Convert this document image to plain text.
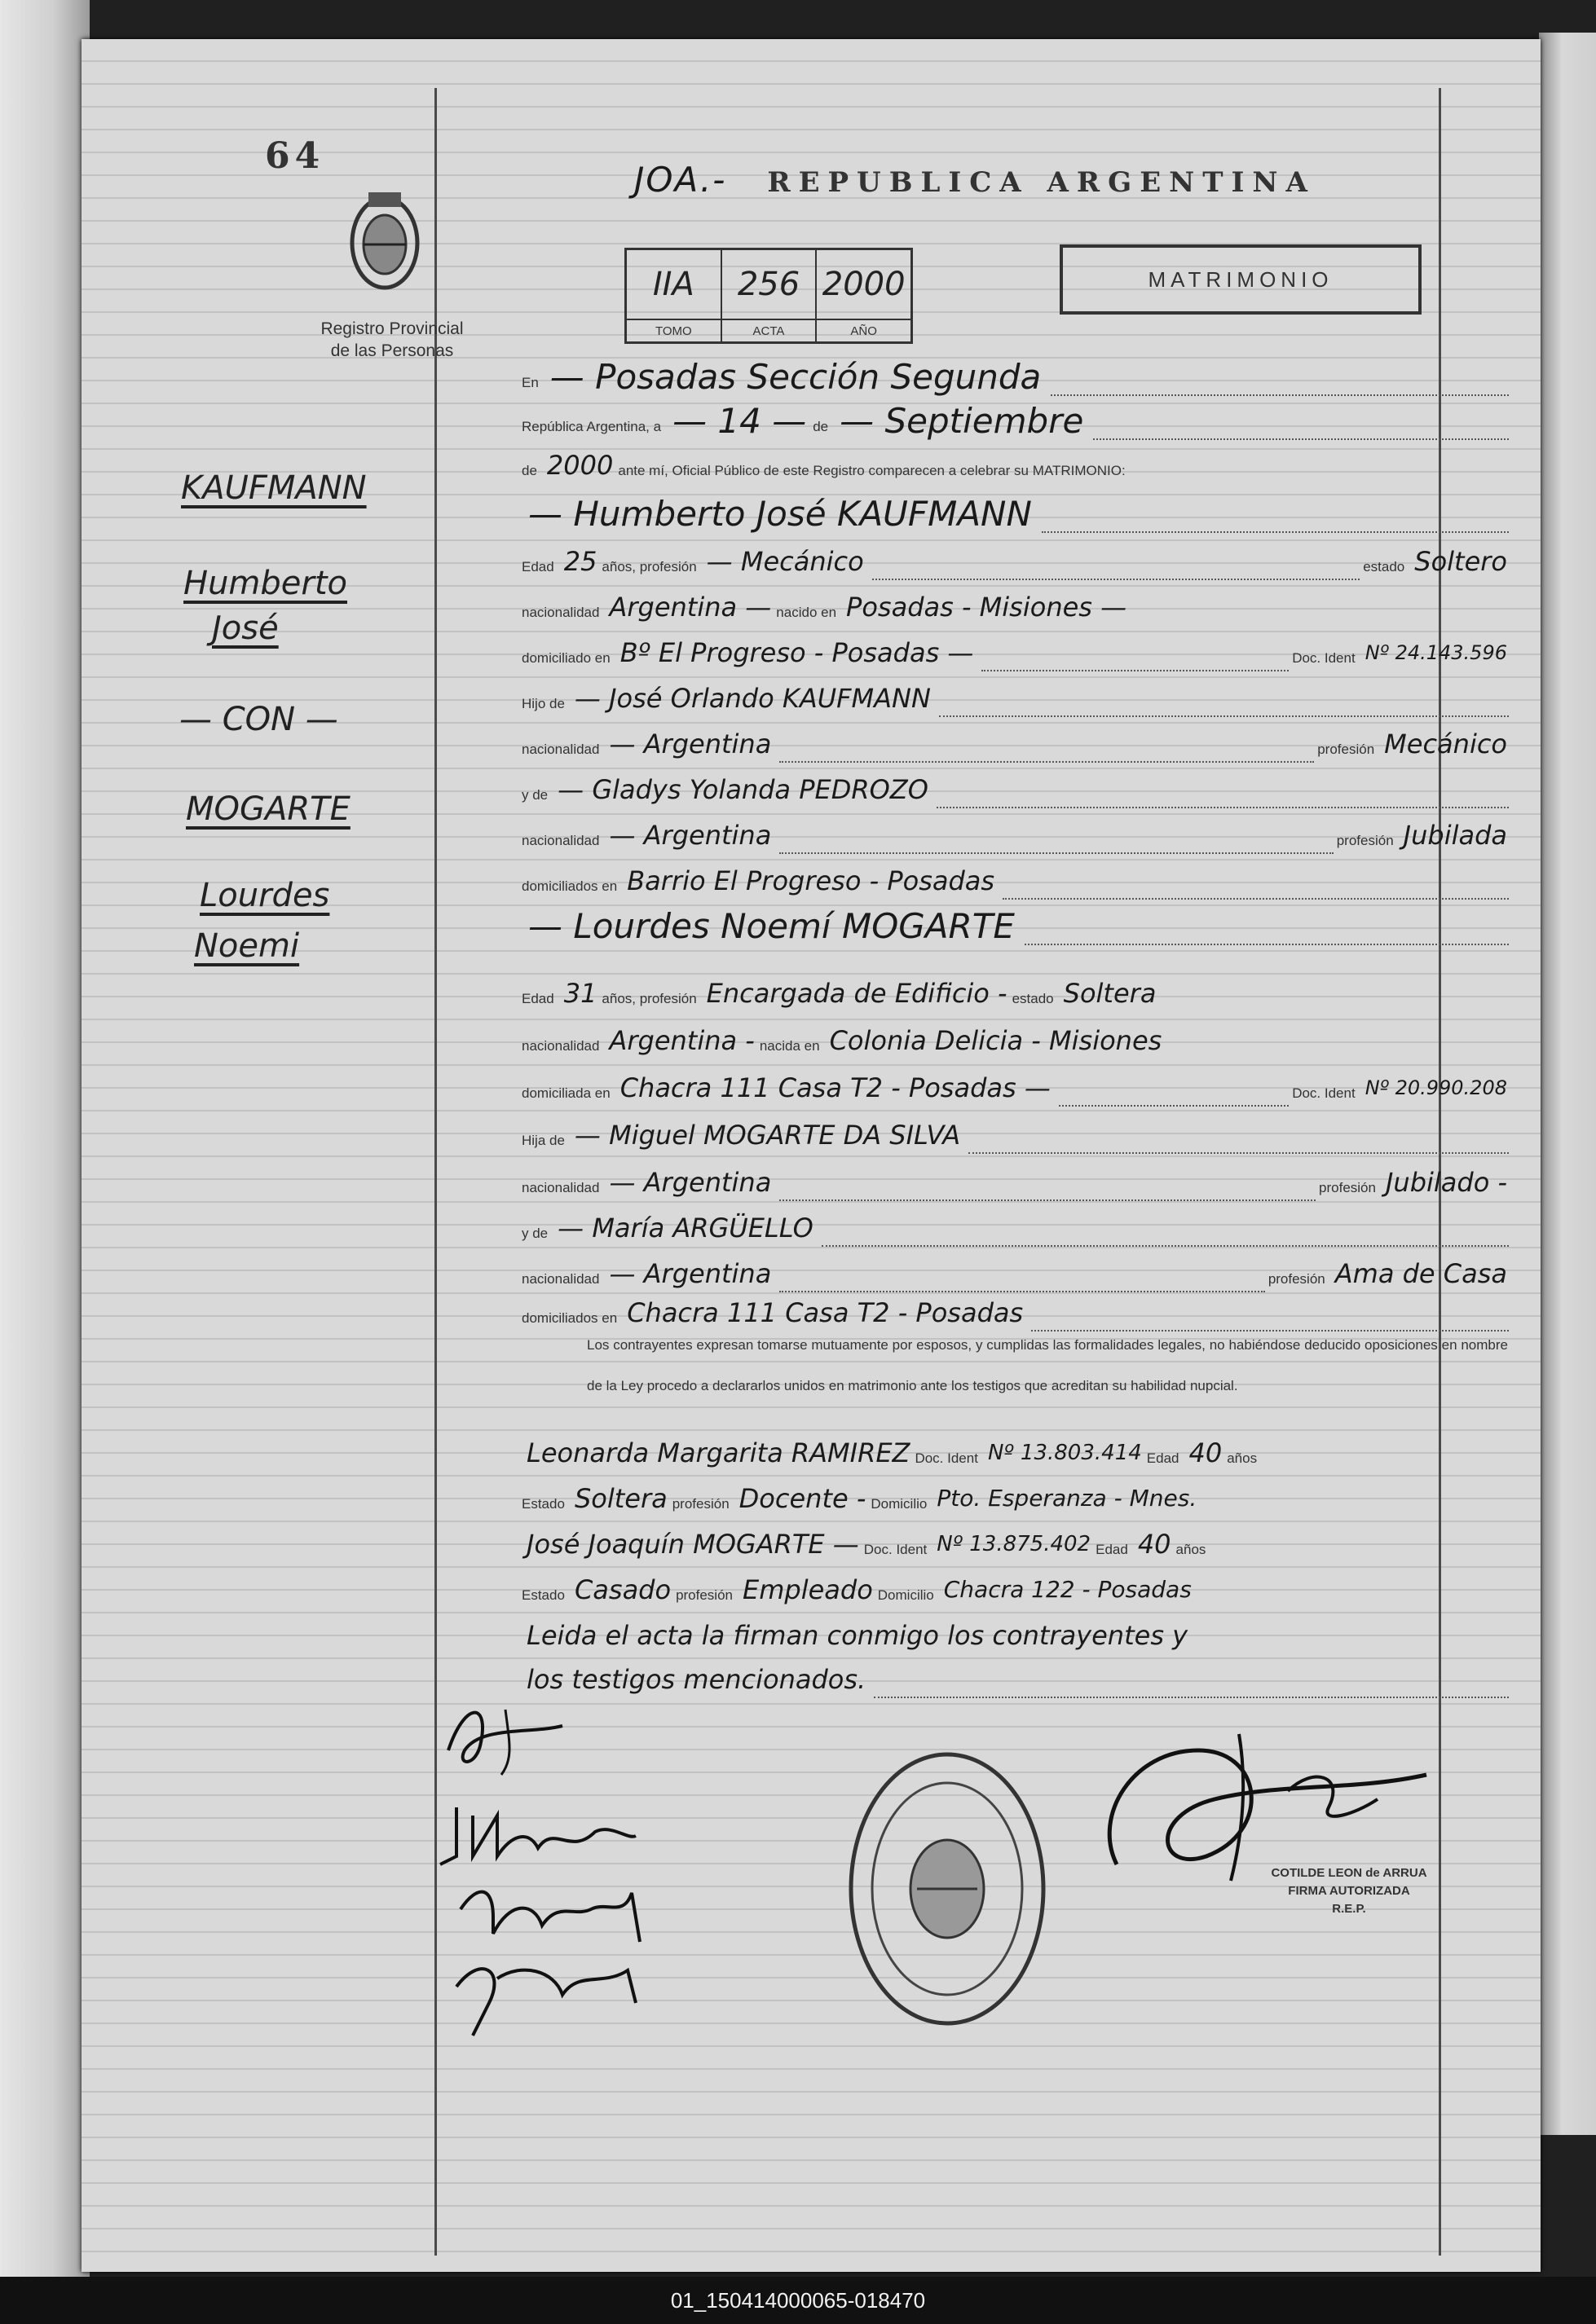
64
Registro Provincial
de las Personas
JOA.- REPUBLICA ARGENTINA
IIA
TOMO
256
ACTA
2000
AÑO
MATRIMONIO
KAUFMANN
Humberto
José
— CON —
MOGARTE
Lourdes
Noemi
En — Posadas Sección Segunda
República Argentina, a — 14 — de — Septiembre
de 2000 ante mí, Oficial Público de este Registro comparecen a celebrar su MATRIMONIO:
— Humberto José KAUFMANN
Edad 25 años, profesión — Mecánico	estado Soltero
nacionalidad Argentina — nacido en Posadas - Misiones —
domiciliado en Bº El Progreso - Posadas —	Doc. Ident Nº 24.143.596
Hijo de — José Orlando KAUFMANN
nacionalidad — Argentina	profesión Mecánico
y de — Gladys Yolanda PEDROZO
nacionalidad — Argentina	profesión Jubilada
domiciliados en Barrio El Progreso - Posadas
— Lourdes Noemí MOGARTE
Edad 31 años, profesión Encargada de Edificio - estado Soltera
nacionalidad Argentina - nacida en Colonia Delicia - Misiones
domiciliada en Chacra 111 Casa T2 - Posadas —	Doc. Ident Nº 20.990.208
Hija de — Miguel MOGARTE DA SILVA
nacionalidad — Argentina	profesión Jubilado -
y de — María ARGÜELLO
nacionalidad — Argentina	profesión Ama de Casa
domiciliados en Chacra 111 Casa T2 - Posadas
Los contrayentes expresan tomarse mutuamente por esposos, y cumplidas las formalidades legales, no habiéndose deducido oposiciones en nombre de la Ley procedo a declararlos unidos en matrimonio ante los testigos que acreditan su habilidad nupcial.
Leonarda Margarita RAMIREZ Doc. Ident Nº 13.803.414 Edad 40 años
Estado Soltera profesión Docente - Domicilio Pto. Esperanza - Mnes.
José Joaquín MOGARTE — Doc. Ident Nº 13.875.402 Edad 40 años
Estado Casado profesión Empleado Domicilio Chacra 122 - Posadas
Leida el acta la firman conmigo los contrayentes y
los testigos mencionados.
COTILDE LEON de ARRUA
FIRMA AUTORIZADA
R.E.P.
01_150414000065-018470
